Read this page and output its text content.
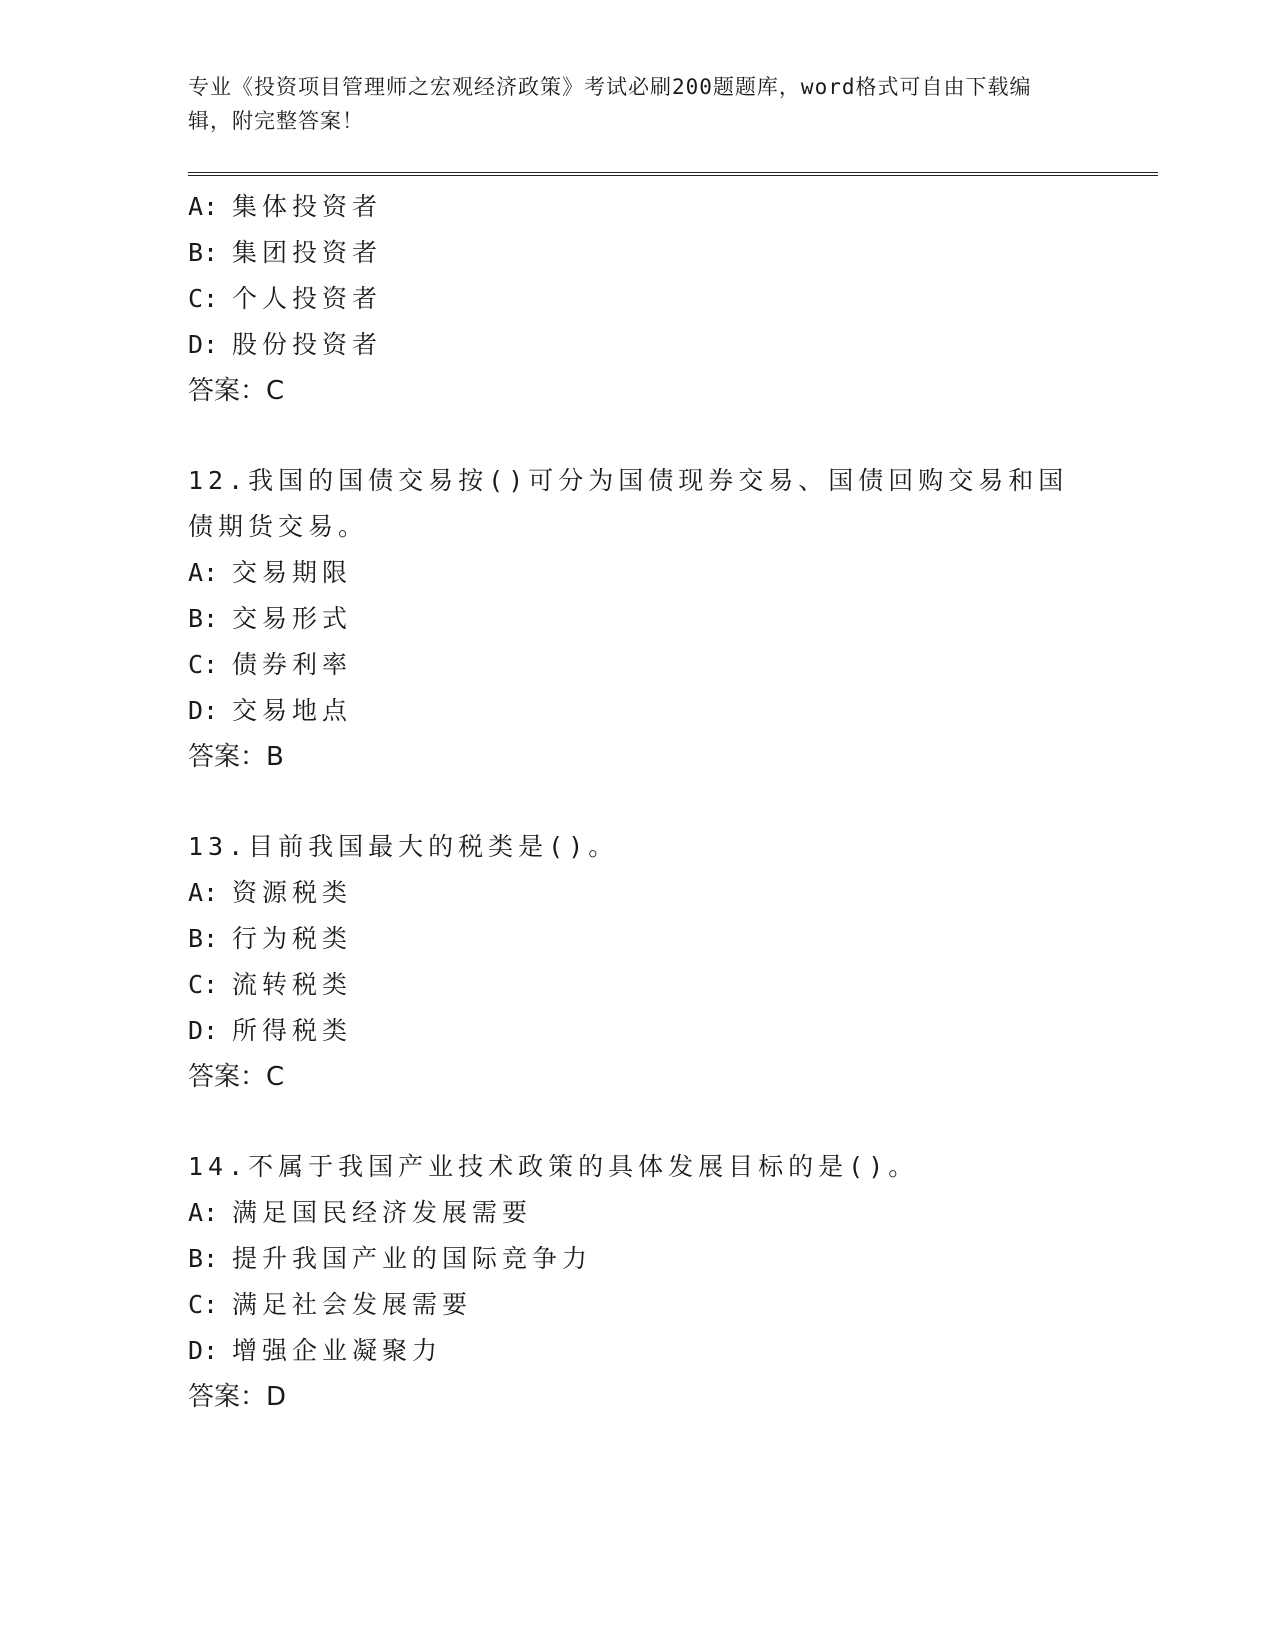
专业《投资项目管理师之宏观经济政策》考试必刷200题题库，word格式可自由下载编辑，附完整答案！

A: 集体投资者

B: 集团投资者

C: 个人投资者

D: 股份投资者

答案：C

12.我国的国债交易按()可分为国债现券交易、国债回购交易和国债期货交易。

A: 交易期限

B: 交易形式

C: 债券利率

D: 交易地点

答案：B

13.目前我国最大的税类是()。

A: 资源税类

B: 行为税类

C: 流转税类

D: 所得税类

答案：C

14.不属于我国产业技术政策的具体发展目标的是()。

A: 满足国民经济发展需要

B: 提升我国产业的国际竞争力

C: 满足社会发展需要

D: 增强企业凝聚力

答案：D
